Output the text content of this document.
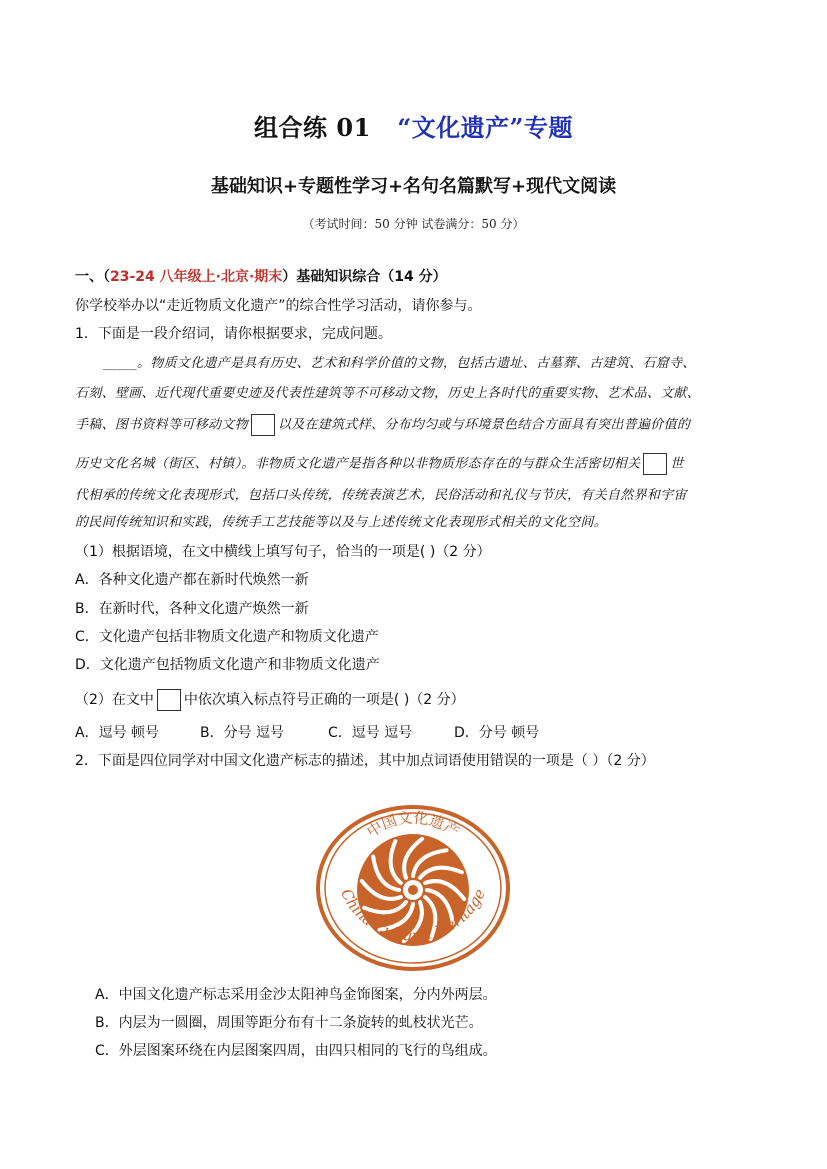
组合练 01 “文化遗产”专题
基础知识+专题性学习+名句名篇默写+现代文阅读
（考试时间：50 分钟 试卷满分：50 分）
一、（23-24 八年级上·北京·期末）基础知识综合（14 分）
你学校举办以“走近物质文化遗产”的综合性学习活动，请你参与。
1．下面是一段介绍词，请你根据要求，完成问题。
_____。物质文化遗产是具有历史、艺术和科学价值的文物，包括古遗址、古墓葬、古建筑、石窟寺、
石刻、壁画、近代现代重要史迹及代表性建筑等不可移动文物，历史上各时代的重要实物、艺术品、文献、
手稿、图书资料等可移动文物 以及在建筑式样、分布均匀或与环境景色结合方面具有突出普遍价值的
历史文化名城（街区、村镇）。非物质文化遗产是指各种以非物质形态存在的与群众生活密切相关 世
代相承的传统文化表现形式，包括口头传统，传统表演艺术，民俗活动和礼仪与节庆，有关自然界和宇宙
的民间传统知识和实践，传统手工艺技能等以及与上述传统文化表现形式相关的文化空间。
（1）根据语境，在文中横线上填写句子，恰当的一项是( )（2 分）
A．各种文化遗产都在新时代焕然一新
B．在新时代，各种文化遗产焕然一新
C．文化遗产包括非物质文化遗产和物质文化遗产
D．文化遗产包括物质文化遗产和非物质文化遗产
（2）在文中 中依次填入标点符号正确的一项是( )（2 分）
A．逗号 顿号	B．分号 逗号	C．逗号 逗号	D．分号 顿号
2．下面是四位同学对中国文化遗产标志的描述，其中加点词语使用错误的一项是（ ）（2 分）
中国文化遗产
China Cultural Heritage
A．中国文化遗产标志采用金沙太阳神鸟金饰图案，分内外两层。
B．内层为一圆圈，周围等距分布有十二条旋转的虬枝状光芒。
C．外层图案环绕在内层图案四周，由四只相同的飞行的鸟组成。
